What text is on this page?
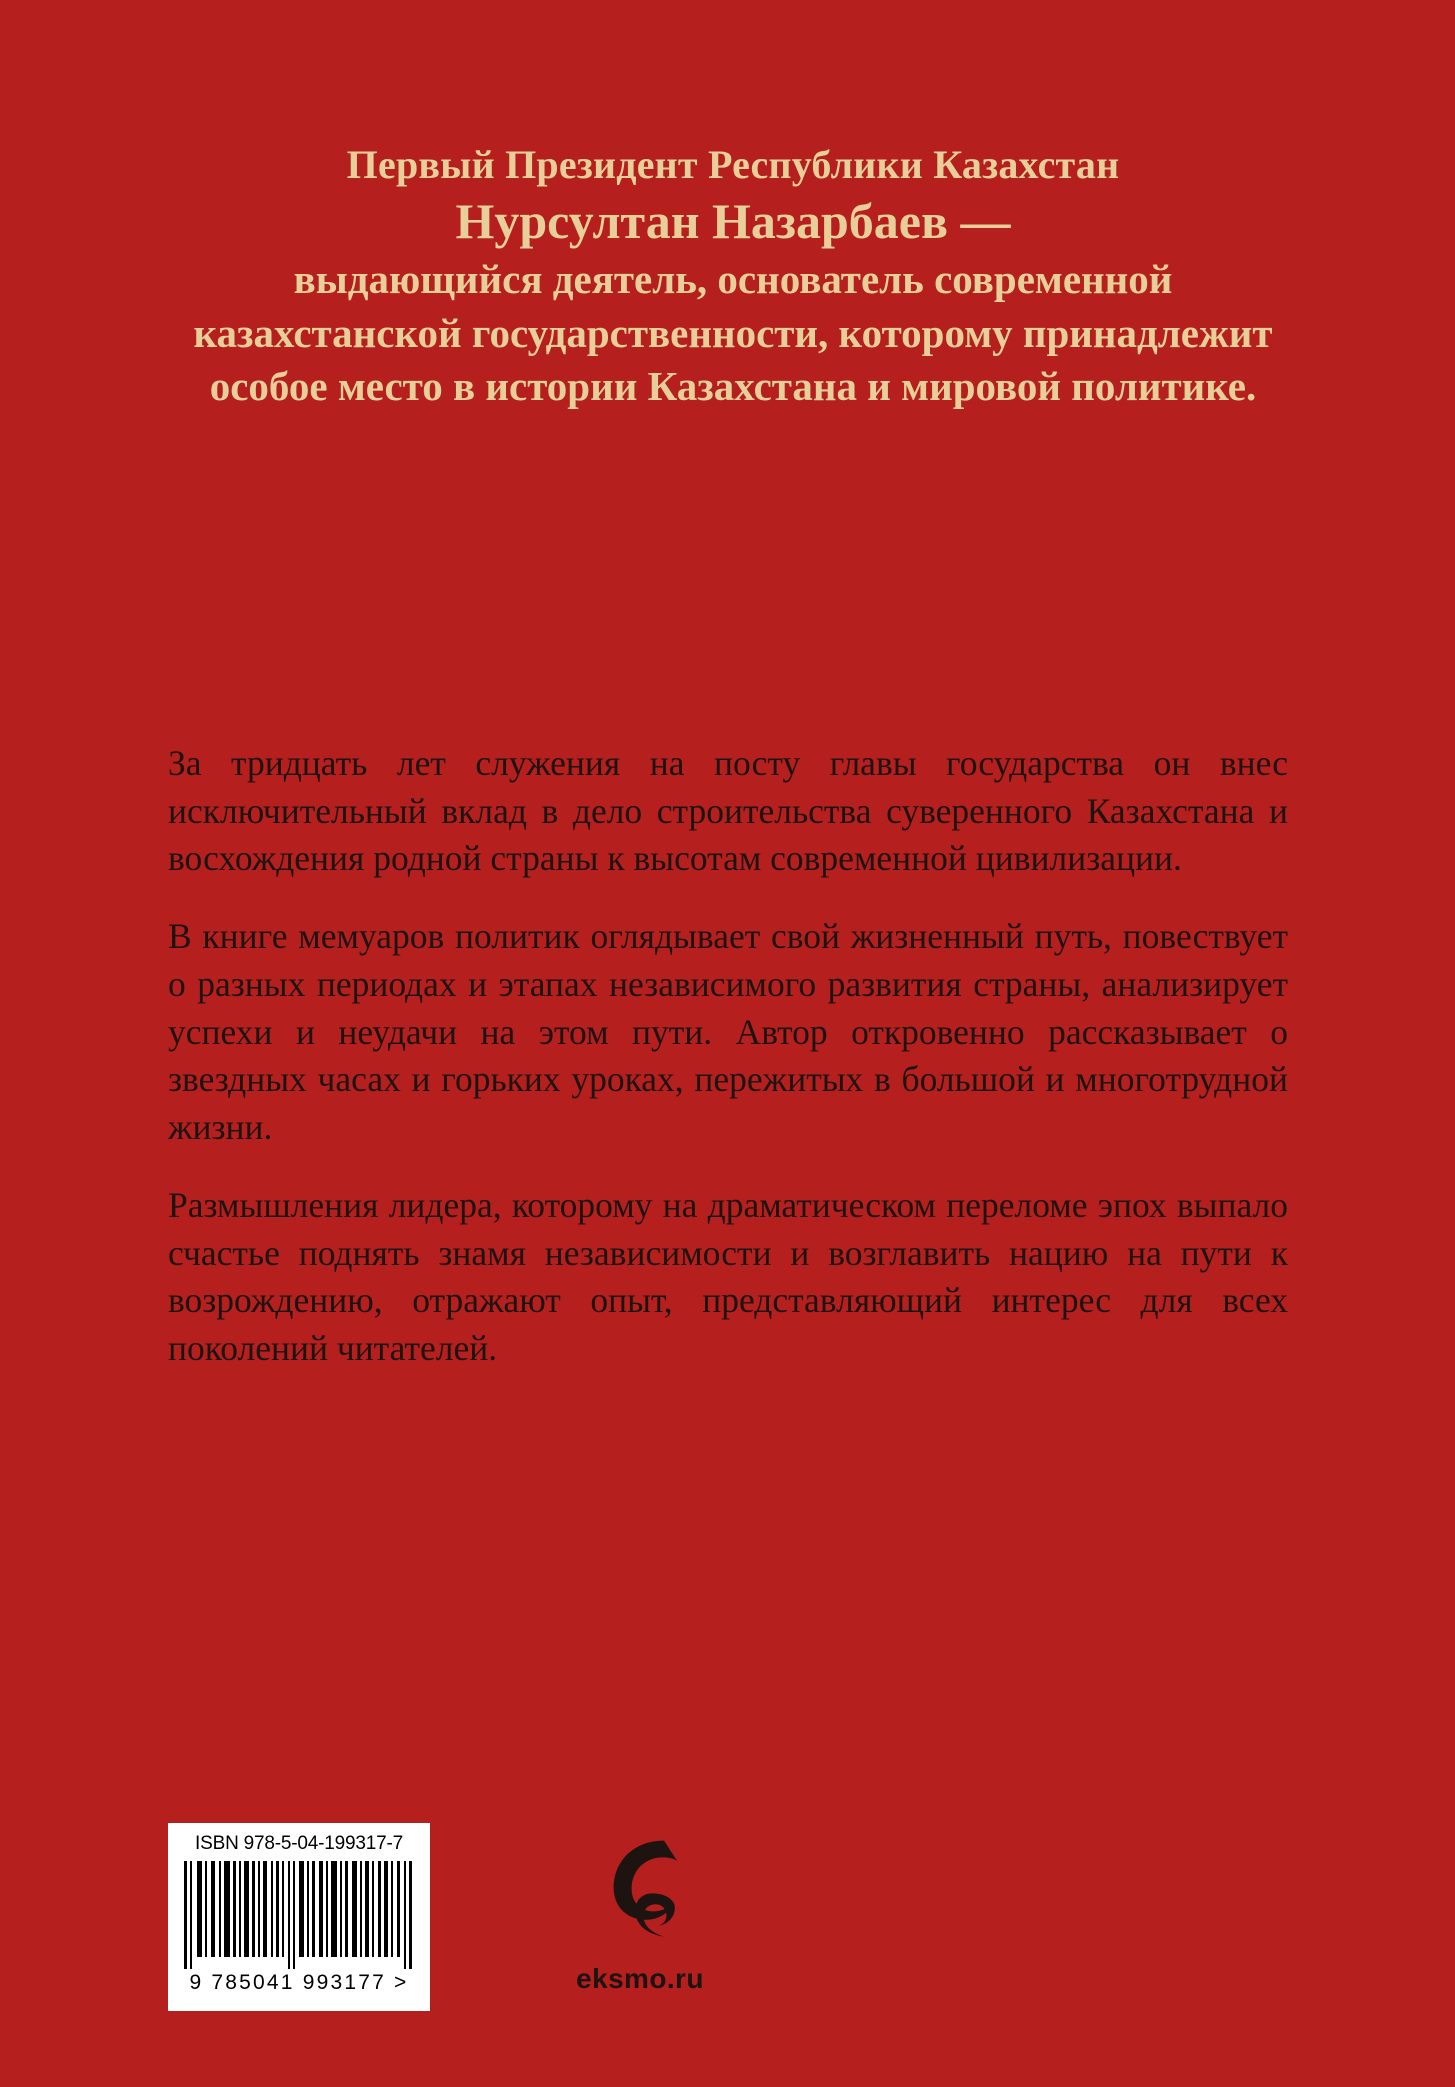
Первый Президент Республики Казахстан
Нурсултан Назарбаев —
выдающийся деятель, основатель современной казахстанской государственности, которому принадлежит особое место в истории Казахстана и мировой политике.

За тридцать лет служения на посту главы государства он внес исключительный вклад в дело строительства суверенного Казахстана и восхождения родной страны к высотам современной цивилизации.

В книге мемуаров политик оглядывает свой жизненный путь, повествует о разных периодах и этапах независимого развития страны, анализирует успехи и неудачи на этом пути. Автор откровенно рассказывает о звездных часах и горьких уроках, пережитых в большой и многотрудной жизни.

Размышления лидера, которому на драматическом переломе эпох выпало счастье поднять знамя независимости и возглавить нацию на пути к возрождению, отражают опыт, представляющий интерес для всех поколений читателей.

ISBN 978-5-04-199317-7
9 785041 993177 >	eksmo.ru
